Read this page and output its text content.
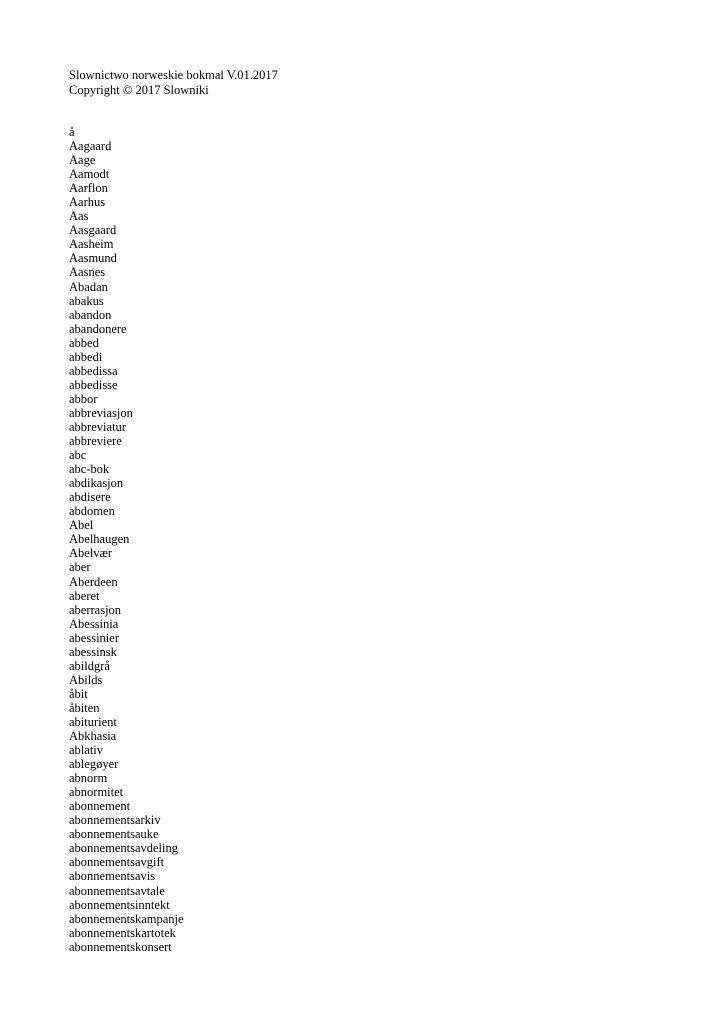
Slownictwo norweskie bokmal V.01.2017
Copyright © 2017 Slowniki
å
Aagaard
Aage
Aamodt
Aarflon
Aarhus
Aas
Aasgaard
Aasheim
Aasmund
Aasnes
Abadan
abakus
abandon
abandonere
abbed
abbedi
abbedissa
abbedisse
abbor
abbreviasjon
abbreviatur
abbreviere
abc
abc-bok
abdikasjon
abdisere
abdomen
Abel
Abelhaugen
Abelvær
aber
Aberdeen
aberet
aberrasjon
Abessinia
abessinier
abessinsk
abildgrå
Abilds
åbit
åbiten
abiturient
Abkhasia
ablativ
ablegøyer
abnorm
abnormitet
abonnement
abonnementsarkiv
abonnementsauke
abonnementsavdeling
abonnementsavgift
abonnementsavis
abonnementsavtale
abonnementsinntekt
abonnementskampanje
abonnementskartotek
abonnementskonsert
